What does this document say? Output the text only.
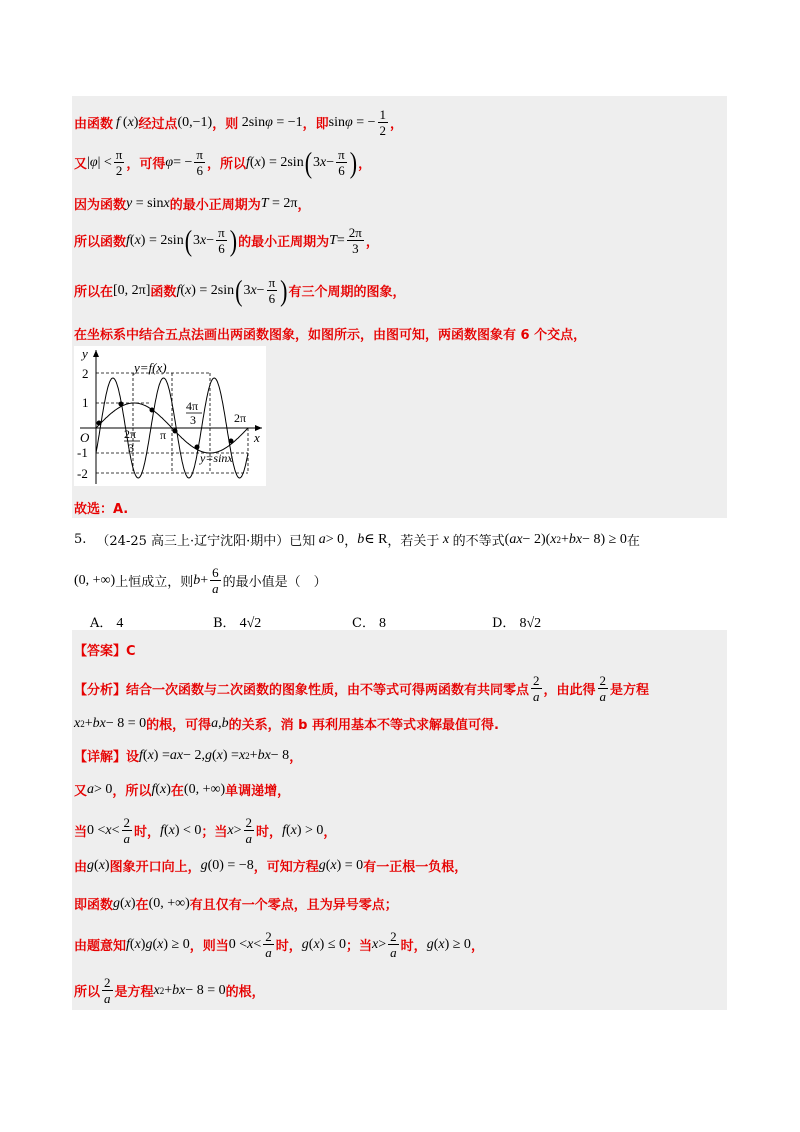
由函数 f ( x ) 经过点 (0,−1) ，则 2sinφ = −1 ，即 sinφ = − $\frac{1}{2}$ ，
又 $|\varphi| < \frac{\pi}{2}$ ，可得 φ = − $\frac{\pi}{6}$ ，所以 f ( x ) = 2sin ( 3 $x - \frac{\pi}{6}$ ) ，
因为函数 y = sinx 的最小正周期为 T = 2π ，
所以函数 f ( x ) = 2sin ( 3 $x - \frac{\pi}{6}$ ) 的最小正周期为 $T = \frac{2\pi}{3}$ ，
所以在 [0, 2π] 函数 f ( x ) = 2sin ( 3 $x - \frac{\pi}{6}$ ) 有三个周期的图象，
在坐标系中结合五点法画出两函数图象，如图所示，由图可知，两函数图象有 6 个交点，
y
x
O
y=f(x)
y=sinx
2
1
-1
-2
2π
3
π
4π
3	2π
故选：A.
5. （24-25 高三上·辽宁沈阳·期中）已知 a > 0 ， b ∈ R ，若关于 x 的不等式 ( ax − 2)( x 2 + bx − 8) ≥ 0 在
(0, +∞) 上恒成立，则 $b + \frac{6}{a}$ 的最小值是（　）
A． 4	B． 4√2	C． 8	D． 8√2
【答案】C
【分析】结合一次函数与二次函数的图象性质，由不等式可得两函数有共同零点 $\frac{2}{a}$ ，由此得 $\frac{2}{a}$ 是方程
x 2 + bx − 8 = 0 的根，可得 a , b 的关系，消 b 再利用基本不等式求解最值可得.
【详解】设 f ( x ) = ax − 2, g ( x ) = x 2 + bx − 8 ，
又 a > 0 ，所以 f ( x ) 在 (0, +∞) 单调递增，
当 $0 < x < \frac{2}{a}$ 时， f ( x ) < 0 ；当 $x > \frac{2}{a}$ 时， f ( x ) > 0 ，
由 g ( x ) 图象开口向上， g (0) = −8 ，可知方程 g ( x ) = 0 有一正根一负根，
即函数 g ( x ) 在 (0, +∞) 有且仅有一个零点，且为异号零点；
由题意知 f ( x ) g ( x ) ≥ 0 ，则当 $0 < x < \frac{2}{a}$ 时， g ( x ) ≤ 0 ；当 $x > \frac{2}{a}$ 时， g ( x ) ≥ 0 ，
所以 $\frac{2}{a}$ 是方程 x 2 + bx − 8 = 0 的根，
